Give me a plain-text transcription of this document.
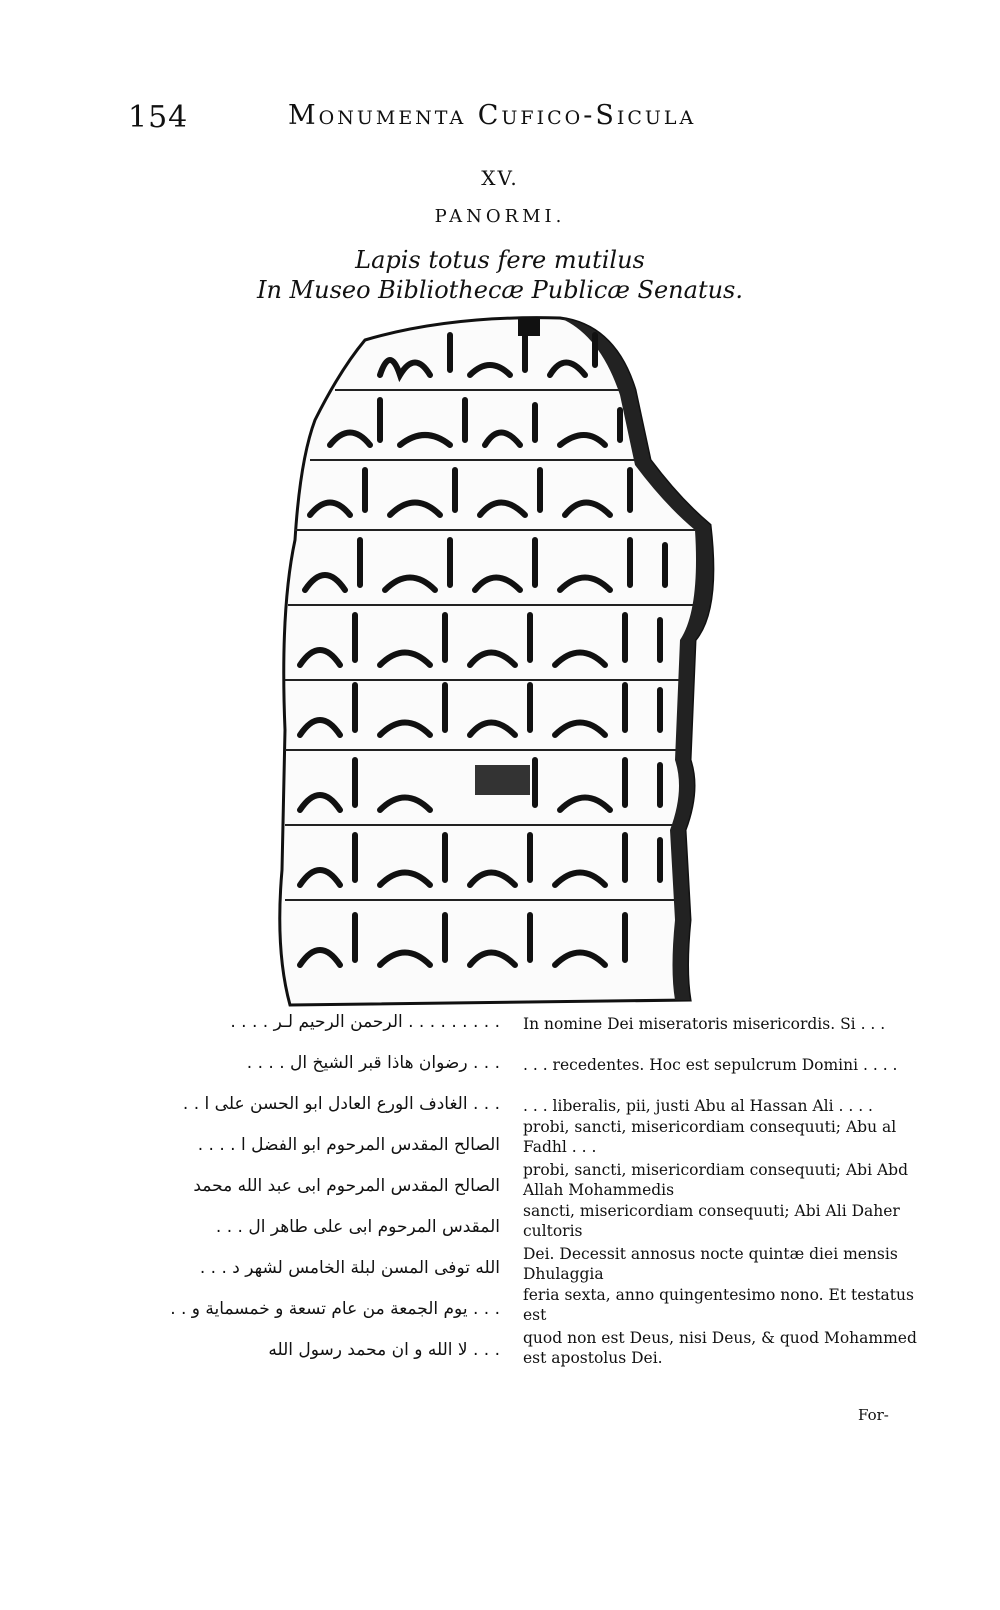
154	Monumenta Cufico-Sicula
XV.
PANORMI.
Lapis totus fere mutilus
In Museo Bibliothecæ Publicæ Senatus.
. . . . . . . . . الرحمن الرحيم لـر . . . .
. . . رضوان هاذا قبر الشيخ ال . . . .
. . . الغادف الورع العادل ابو الحسن على ا . .
الصالح المقدس المرحوم ابو الفضل ا . . . .
الصالح المقدس المرحوم ابى عبد الله محمد
المقدس المرحوم ابى على طاهر ال . . .
الله توفى المسن لبلة الخامس لشهر د . . .
. . . يوم الجمعة من عام تسعة و خمسماية و . .
. . . لا الله و ان محمد رسول الله
In nomine Dei miseratoris misericordis. Si . . .
. . . recedentes. Hoc est sepulcrum Domini . . . .
. . . liberalis, pii, justi Abu al Hassan Ali . . . .
probi, sancti, misericordiam consequuti; Abu al Fadhl . . .
probi, sancti, misericordiam consequuti; Abi Abd Allah Mohammedis
sancti, misericordiam consequuti; Abi Ali Daher cultoris
Dei. Decessit annosus nocte quintæ diei mensis Dhulaggia
feria sexta, anno quingentesimo nono. Et testatus est
quod non est Deus, nisi Deus, & quod Mohammed est apostolus Dei.
For-
